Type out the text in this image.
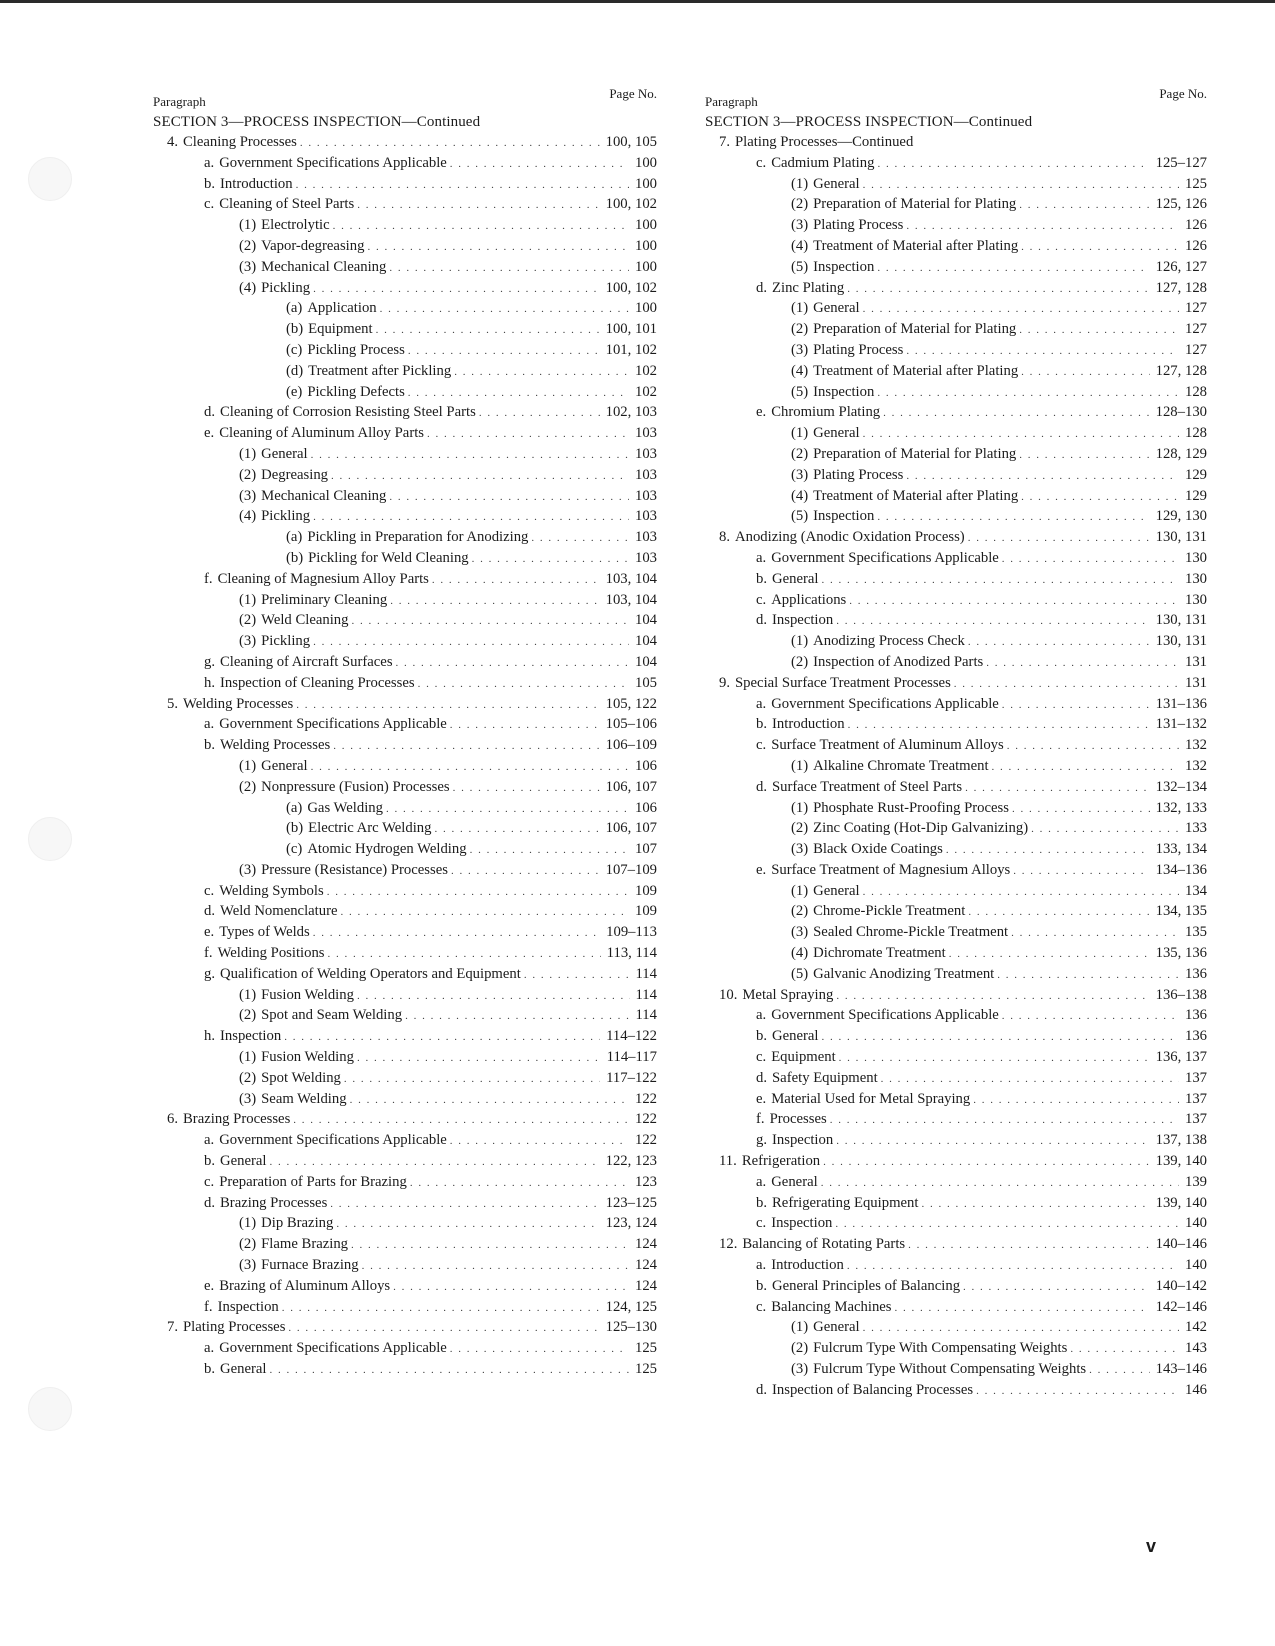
Paragraph
Page No.
SECTION 3—PROCESS INSPECTION—Continued
4. Cleaning Processes . . .	100, 105
a. Government Specifications Applicable . . .	100
b. Introduction . . .	100
c. Cleaning of Steel Parts . . .	100, 102
(1) Electrolytic . . .	100
(2) Vapor-degreasing . . .	100
(3) Mechanical Cleaning . . .	100
(4) Pickling . . .	100, 102
(a) Application . . .	100
(b) Equipment . . .	100, 101
(c) Pickling Process . . .	101, 102
(d) Treatment after Pickling . . .	102
(e) Pickling Defects . . .	102
d. Cleaning of Corrosion Resisting Steel Parts . . .	102, 103
e. Cleaning of Aluminum Alloy Parts . . .	103
(1) General . . .	103
(2) Degreasing . . .	103
(3) Mechanical Cleaning . . .	103
(4) Pickling . . .	103
(a) Pickling in Preparation for Anodizing . . .	103
(b) Pickling for Weld Cleaning . . .	103
f. Cleaning of Magnesium Alloy Parts . . .	103, 104
(1) Preliminary Cleaning . . .	103, 104
(2) Weld Cleaning . . .	104
(3) Pickling . . .	104
g. Cleaning of Aircraft Surfaces . . .	104
h. Inspection of Cleaning Processes . . .	105
5. Welding Processes . . .	105, 122
a. Government Specifications Applicable . . .	105–106
b. Welding Processes . . .	106–109
(1) General . . .	106
(2) Nonpressure (Fusion) Processes . . .	106, 107
(a) Gas Welding . . .	106
(b) Electric Arc Welding . . .	106, 107
(c) Atomic Hydrogen Welding . . .	107
(3) Pressure (Resistance) Processes . . .	107–109
c. Welding Symbols . . .	109
d. Weld Nomenclature . . .	109
e. Types of Welds . . .	109–113
f. Welding Positions . . .	113, 114
g. Qualification of Welding Operators and Equipment . . .	114
(1) Fusion Welding . . .	114
(2) Spot and Seam Welding . . .	114
h. Inspection . . .	114–122
(1) Fusion Welding . . .	114–117
(2) Spot Welding . . .	117–122
(3) Seam Welding . . .	122
6. Brazing Processes . . .	122
a. Government Specifications Applicable . . .	122
b. General . . .	122, 123
c. Preparation of Parts for Brazing . . .	123
d. Brazing Processes . . .	123–125
(1) Dip Brazing . . .	123, 124
(2) Flame Brazing . . .	124
(3) Furnace Brazing . . .	124
e. Brazing of Aluminum Alloys . . .	124
f. Inspection . . .	124, 125
7. Plating Processes . . .	125–130
a. Government Specifications Applicable . . .	125
b. General . . .	125
Paragraph
Page No.
SECTION 3—PROCESS INSPECTION—Continued
7. Plating Processes—Continued
c. Cadmium Plating . . .	125–127
(1) General . . .	125
(2) Preparation of Material for Plating . . .	125, 126
(3) Plating Process . . .	126
(4) Treatment of Material after Plating . . .	126
(5) Inspection . . .	126, 127
d. Zinc Plating . . .	127, 128
(1) General . . .	127
(2) Preparation of Material for Plating . . .	127
(3) Plating Process . . .	127
(4) Treatment of Material after Plating . . .	127, 128
(5) Inspection . . .	128
e. Chromium Plating . . .	128–130
(1) General . . .	128
(2) Preparation of Material for Plating . . .	128, 129
(3) Plating Process . . .	129
(4) Treatment of Material after Plating . . .	129
(5) Inspection . . .	129, 130
8. Anodizing (Anodic Oxidation Process) . . .	130, 131
a. Government Specifications Applicable . . .	130
b. General . . .	130
c. Applications . . .	130
d. Inspection . . .	130, 131
(1) Anodizing Process Check . . .	130, 131
(2) Inspection of Anodized Parts . . .	131
9. Special Surface Treatment Processes . . .	131
a. Government Specifications Applicable . . .	131–136
b. Introduction . . .	131–132
c. Surface Treatment of Aluminum Alloys . . .	132
(1) Alkaline Chromate Treatment . . .	132
d. Surface Treatment of Steel Parts . . .	132–134
(1) Phosphate Rust-Proofing Process . . .	132, 133
(2) Zinc Coating (Hot-Dip Galvanizing) . . .	133
(3) Black Oxide Coatings . . .	133, 134
e. Surface Treatment of Magnesium Alloys . . .	134–136
(1) General . . .	134
(2) Chrome-Pickle Treatment . . .	134, 135
(3) Sealed Chrome-Pickle Treatment . . .	135
(4) Dichromate Treatment . . .	135, 136
(5) Galvanic Anodizing Treatment . . .	136
10. Metal Spraying . . .	136–138
a. Government Specifications Applicable . . .	136
b. General . . .	136
c. Equipment . . .	136, 137
d. Safety Equipment . . .	137
e. Material Used for Metal Spraying . . .	137
f. Processes . . .	137
g. Inspection . . .	137, 138
11. Refrigeration . . .	139, 140
a. General . . .	139
b. Refrigerating Equipment . . .	139, 140
c. Inspection . . .	140
12. Balancing of Rotating Parts . . .	140–146
a. Introduction . . .	140
b. General Principles of Balancing . . .	140–142
c. Balancing Machines . . .	142–146
(1) General . . .	142
(2) Fulcrum Type With Compensating Weights . . .	143
(3) Fulcrum Type Without Compensating Weights . . .	143–146
d. Inspection of Balancing Processes . . .	146
v
